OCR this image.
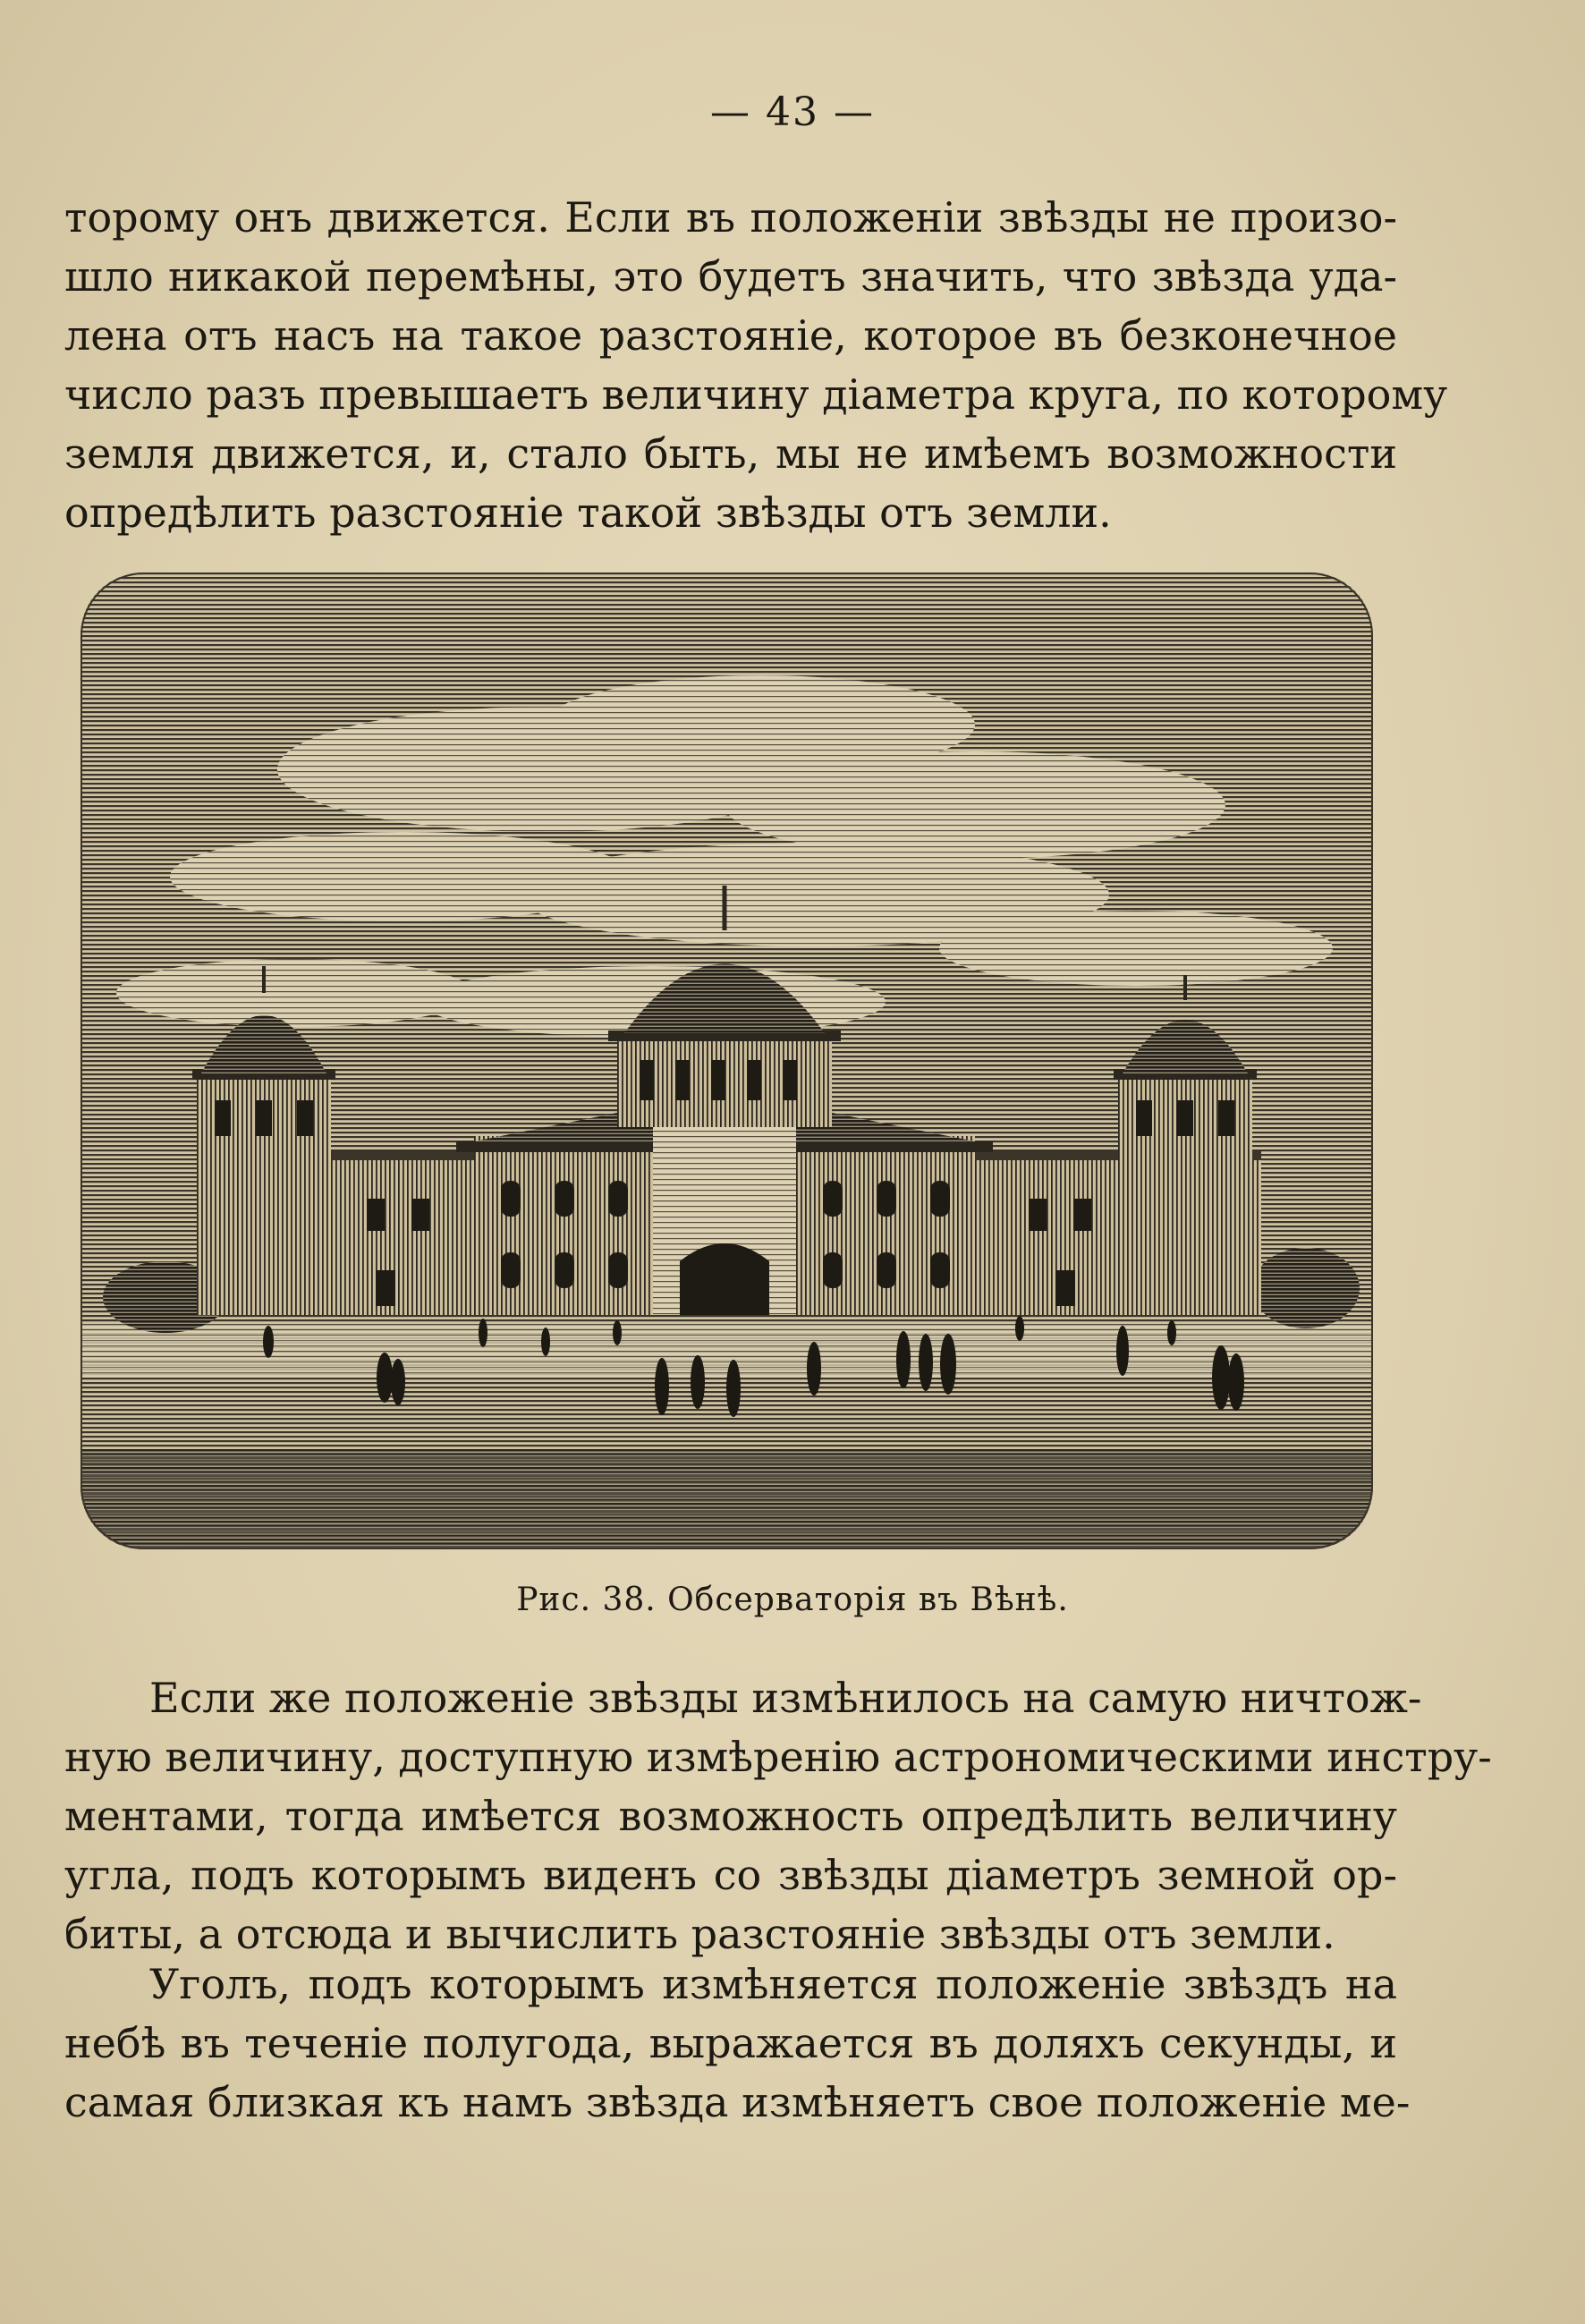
— 43 —
торому онъ движется. Если въ положенiи звѣзды не произо-
шло никакой перемѣны, это будетъ значить, что звѣзда уда-
лена отъ насъ на такое разстоянiе, которое въ безконечное
число разъ превышаетъ величину дiаметра круга, по которому
земля движется, и, стало быть, мы не имѣемъ возможности
опредѣлить разстоянiе такой звѣзды отъ земли.
Рис. 38. Обсерваторiя въ Вѣнѣ.
Если же положенiе звѣзды измѣнилось на самую ничтож-
ную величину, доступную измѣренiю астрономическими инстру-
ментами, тогда имѣется возможность опредѣлить величину
угла, подъ которымъ виденъ со звѣзды дiаметръ земной ор-
биты, а отсюда и вычислить разстоянiе звѣзды отъ земли.
Уголъ, подъ которымъ измѣняется положенiе звѣздъ на
небѣ въ теченiе полугода, выражается въ доляхъ секунды, и
самая близкая къ намъ звѣзда измѣняетъ свое положенiе ме-
